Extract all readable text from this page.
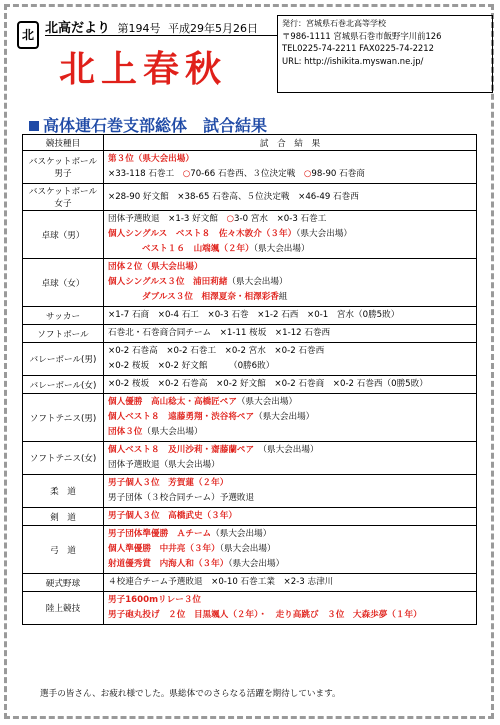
北 北高だより 第194号 平成29年5月26日
北上春秋
発行：宮城県石巻北高等学校
〒986-1111 宮城県石巻市飯野字川前126
TEL0225-74-2211 FAX0225-74-2212
URL: http://ishikita.myswan.ne.jp/
高体連石巻支部総体　試合結果
競技種目	試　合　結　果
バスケットボール男子	第３位（県大会出場）
×33-118 石巻工　○70-66 石巻西、３位決定戦　○98-90 石巻商

バスケットボール女子	×28-90 好文館　×38-65 石巻高、５位決定戦　×46-49 石巻西

卓球（男）	団体予選敗退　×1-3 好文館　○3-0 宮水　×0-3 石巻工
個人シングルス　ベスト８　佐々木敦介（３年）（県大会出場）
ベスト１６　山端颯（２年）（県大会出場）

卓球（女）	団体２位（県大会出場）
個人シングルス３位　浦田莉緒（県大会出場）
ダブルス３位　相澤夏奈・相澤彩香組

サッカー	×1-7 石商　×0-4 石工　×0-3 石巻　×1-2 石西　×0-1　宮水（0勝5敗）

ソフトボール	石巻北・石巻商合同チーム　×1-11 桜坂　×1-12 石巻西

バレーボール(男)	×0-2 石巻高　×0-2 石巻工　×0-2 宮水　×0-2 石巻西
×0-2 桜坂　×0-2 好文館　　　（0勝6敗）

バレーボール(女)	×0-2 桜坂　×0-2 石巻高　×0-2 好文館　×0-2 石巻商　×0-2 石巻西（0勝5敗）

ソフトテニス(男)	個人優勝　高山稔太・高橋匠ペア（県大会出場）
個人ベスト８　遠藤勇翔・渋谷将ペア（県大会出場）
団体３位（県大会出場）

ソフトテニス(女)	個人ベスト８　及川沙莉・齋藤蘭ペア　（県大会出場）
団体予選敗退（県大会出場）

柔　道	男子個人３位　芳賀蓮（２年）
男子団体（３校合同チーム）予選敗退

剣　道	男子個人３位　高橋武史（３年）

弓　道	男子団体準優勝　Ａチーム（県大会出場）
個人準優勝　中井亮（３年）（県大会出場）
射道優秀賞　内海人和（３年）（県大会出場）

硬式野球	４校連合チーム予選敗退　×0-10 石巻工業　×2-3 志津川

陸上競技	男子1600mリレー３位
男子砲丸投げ　２位　目黒颯人（２年）・　走り高跳び　３位　大森歩夢（１年）
選手の皆さん、お疲れ様でした。県総体でのさらなる活躍を期待しています。
